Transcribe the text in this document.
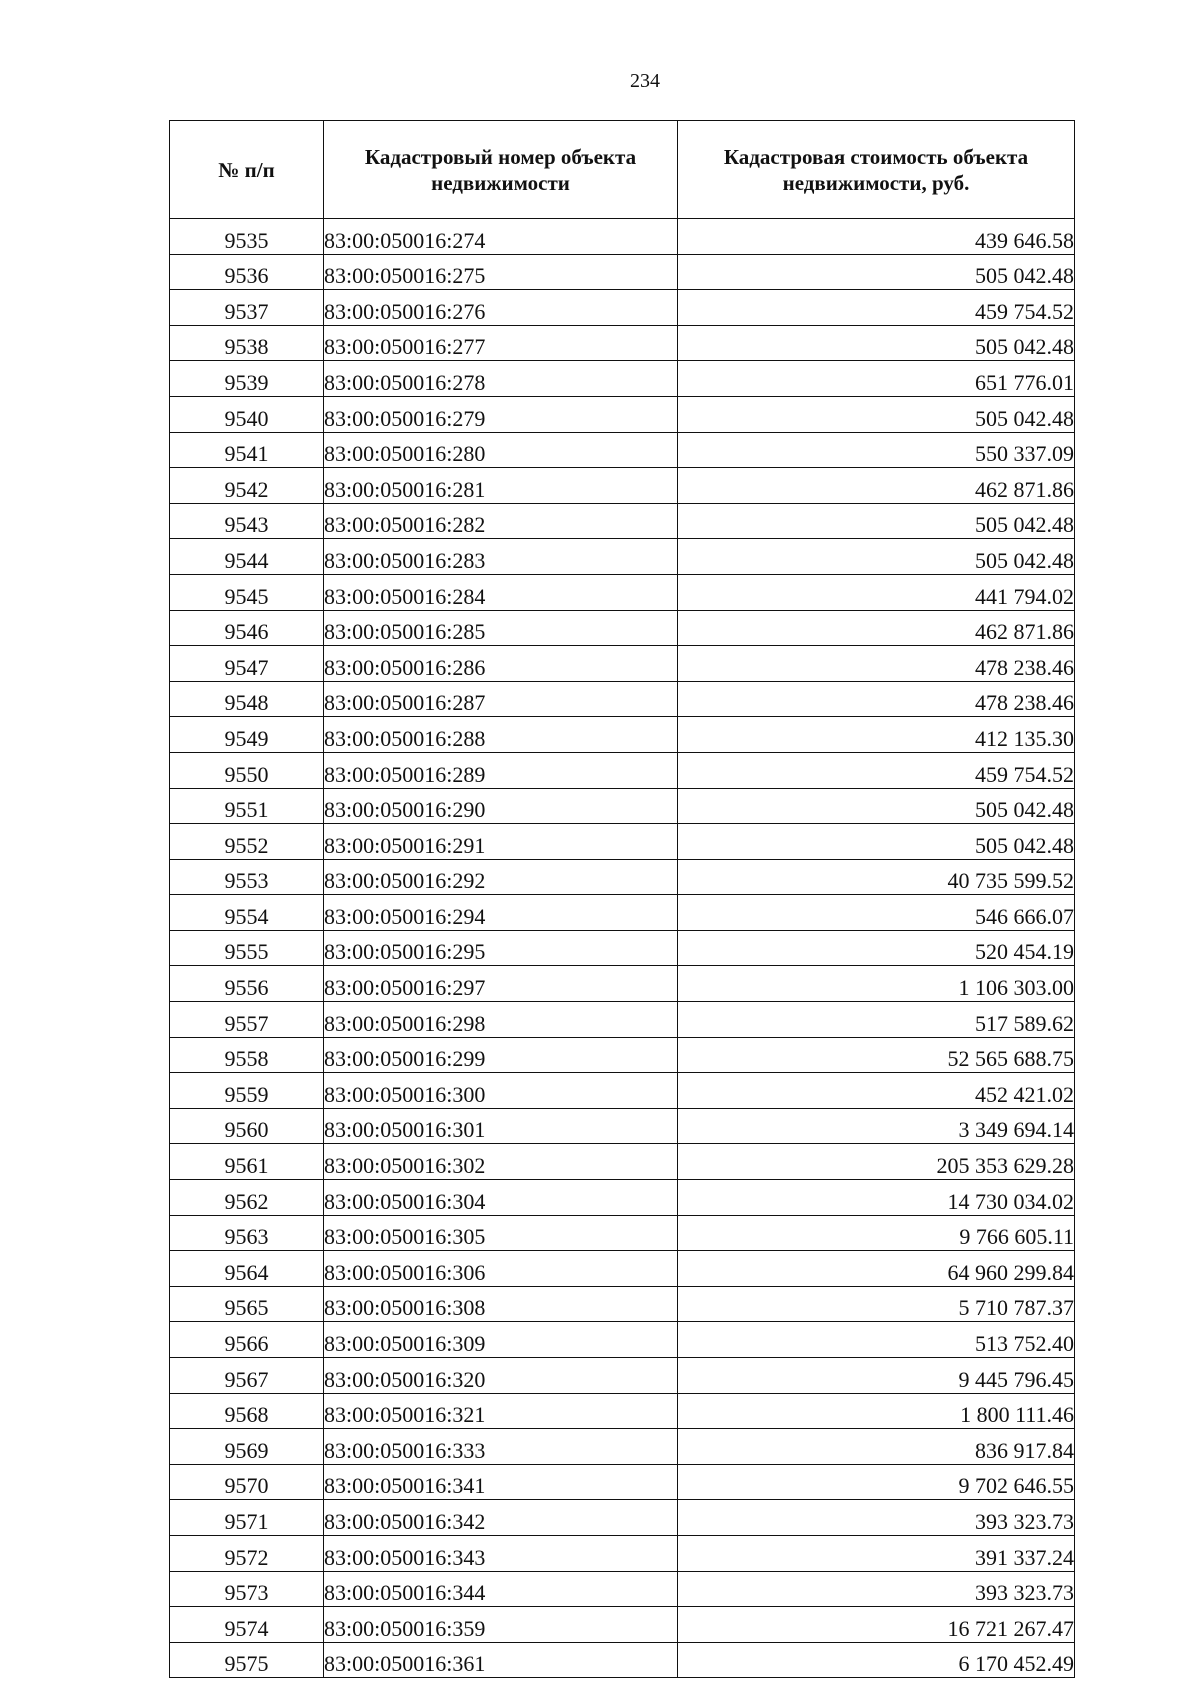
234
№ п/п	Кадастровый номер объекта недвижимости	Кадастровая стоимость объекта недвижимости, руб.
9535	83:00:050016:274	439 646.58
9536	83:00:050016:275	505 042.48
9537	83:00:050016:276	459 754.52
9538	83:00:050016:277	505 042.48
9539	83:00:050016:278	651 776.01
9540	83:00:050016:279	505 042.48
9541	83:00:050016:280	550 337.09
9542	83:00:050016:281	462 871.86
9543	83:00:050016:282	505 042.48
9544	83:00:050016:283	505 042.48
9545	83:00:050016:284	441 794.02
9546	83:00:050016:285	462 871.86
9547	83:00:050016:286	478 238.46
9548	83:00:050016:287	478 238.46
9549	83:00:050016:288	412 135.30
9550	83:00:050016:289	459 754.52
9551	83:00:050016:290	505 042.48
9552	83:00:050016:291	505 042.48
9553	83:00:050016:292	40 735 599.52
9554	83:00:050016:294	546 666.07
9555	83:00:050016:295	520 454.19
9556	83:00:050016:297	1 106 303.00
9557	83:00:050016:298	517 589.62
9558	83:00:050016:299	52 565 688.75
9559	83:00:050016:300	452 421.02
9560	83:00:050016:301	3 349 694.14
9561	83:00:050016:302	205 353 629.28
9562	83:00:050016:304	14 730 034.02
9563	83:00:050016:305	9 766 605.11
9564	83:00:050016:306	64 960 299.84
9565	83:00:050016:308	5 710 787.37
9566	83:00:050016:309	513 752.40
9567	83:00:050016:320	9 445 796.45
9568	83:00:050016:321	1 800 111.46
9569	83:00:050016:333	836 917.84
9570	83:00:050016:341	9 702 646.55
9571	83:00:050016:342	393 323.73
9572	83:00:050016:343	391 337.24
9573	83:00:050016:344	393 323.73
9574	83:00:050016:359	16 721 267.47
9575	83:00:050016:361	6 170 452.49
